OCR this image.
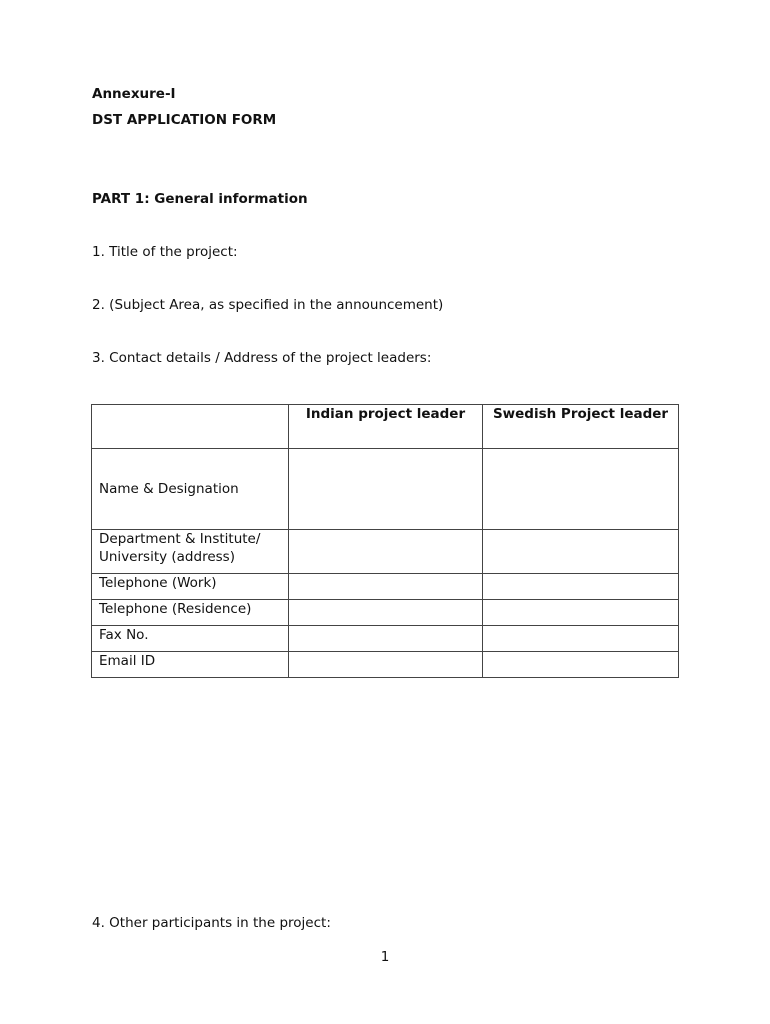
Annexure-I
DST APPLICATION FORM
PART 1: General information
1. Title of the project:
2. (Subject Area, as specified in the announcement)
3. Contact details / Address of the project leaders:
	Indian project leader	Swedish Project leader
Name & Designation		
Department & Institute/ University (address)		
Telephone (Work)		
Telephone (Residence)		
Fax No.		
Email ID		
4. Other participants in the project:
1
